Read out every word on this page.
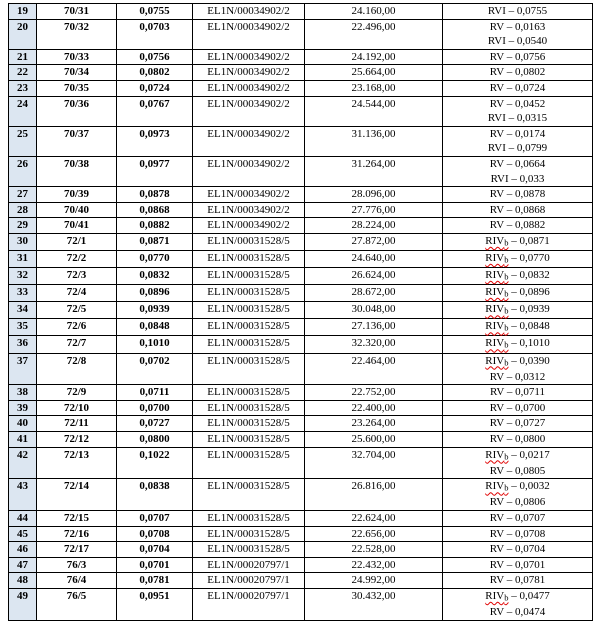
19	70/31	0,0755	EL1N/00034902/2	24.160,00	RVI – 0,0755

20	70/32	0,0703	EL1N/00034902/2	22.496,00	RV – 0,0163
RVI – 0,0540

21	70/33	0,0756	EL1N/00034902/2	24.192,00	RV – 0,0756

22	70/34	0,0802	EL1N/00034902/2	25.664,00	RV – 0,0802

23	70/35	0,0724	EL1N/00034902/2	23.168,00	RV – 0,0724

24	70/36	0,0767	EL1N/00034902/2	24.544,00	RV – 0,0452
RVI – 0,0315

25	70/37	0,0973	EL1N/00034902/2	31.136,00	RV – 0,0174
RVI – 0,0799

26	70/38	0,0977	EL1N/00034902/2	31.264,00	RV – 0,0664
RVI – 0,033

27	70/39	0,0878	EL1N/00034902/2	28.096,00	RV – 0,0878

28	70/40	0,0868	EL1N/00034902/2	27.776,00	RV – 0,0868

29	70/41	0,0882	EL1N/00034902/2	28.224,00	RV – 0,0882

30	72/1	0,0871	EL1N/00031528/5	27.872,00	RIVb – 0,0871

31	72/2	0,0770	EL1N/00031528/5	24.640,00	RIVb – 0,0770

32	72/3	0,0832	EL1N/00031528/5	26.624,00	RIVb – 0,0832

33	72/4	0,0896	EL1N/00031528/5	28.672,00	RIVb – 0,0896

34	72/5	0,0939	EL1N/00031528/5	30.048,00	RIVb – 0,0939

35	72/6	0,0848	EL1N/00031528/5	27.136,00	RIVb – 0,0848

36	72/7	0,1010	EL1N/00031528/5	32.320,00	RIVb – 0,1010

37	72/8	0,0702	EL1N/00031528/5	22.464,00	RIVb – 0,0390
RV – 0,0312

38	72/9	0,0711	EL1N/00031528/5	22.752,00	RV – 0,0711

39	72/10	0,0700	EL1N/00031528/5	22.400,00	RV – 0,0700

40	72/11	0,0727	EL1N/00031528/5	23.264,00	RV – 0,0727

41	72/12	0,0800	EL1N/00031528/5	25.600,00	RV – 0,0800

42	72/13	0,1022	EL1N/00031528/5	32.704,00	RIVb – 0,0217
RV – 0,0805

43	72/14	0,0838	EL1N/00031528/5	26.816,00	RIVb – 0,0032
RV – 0,0806

44	72/15	0,0707	EL1N/00031528/5	22.624,00	RV – 0,0707

45	72/16	0,0708	EL1N/00031528/5	22.656,00	RV – 0,0708

46	72/17	0,0704	EL1N/00031528/5	22.528,00	RV – 0,0704

47	76/3	0,0701	EL1N/00020797/1	22.432,00	RV – 0,0701

48	76/4	0,0781	EL1N/00020797/1	24.992,00	RV – 0,0781

49	76/5	0,0951	EL1N/00020797/1	30.432,00	RIVb – 0,0477
RV – 0,0474
